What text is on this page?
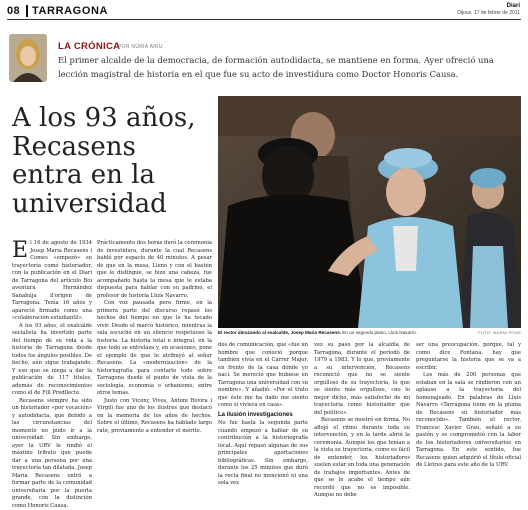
08 TARRAGONA	Diari
Dijous, 17 de febrer de 2011
LA CRÓNICA
POR NÚRIA ARIU
El primer alcalde de la democracia, de formación autodidacta, se mantiene en forma. Ayer ofreció una lección magistral de historia en el que fue su acto de investidura como Doctor Honoris Causa.
A los 93 años, Recasens entra en la universidad
El rector abrazando al exalcalde, Josep Maria Recasens. En un segundo plano, Lluís Navarro.	FOTO: MARIA PONS

El 16 de agosto de 1934 Josep Maria Recasens i Comes «empezó» su trayectoria como historiador, con la publicación en el Diari de Tarragona del artículo Boi aventura Hernández Sanahuja il'origen de Tarragona. Tenía 16 años y apareció firmado como una «colaboración estudiantil».

A los 93 años, el exalcalde socialista ha invertido parte del tiempo de su vida a la historia de Tarragona desde todos los ángulos posibles. De hecho, aún sigue trabajando. Y eso que se niega a dar la publicación de 117 títulos, además de reconocimientos como el de Fill Predilecte.

Recasens siempre ha sido un historiador «por vocación» y autodidacta, que debido a las circunstancias del momento no pudo ir a la universidad. Sin embargo, ayer la URV le rindió el máximo tributo que puede dar a una persona por una trayectoria tan dilatada. Josep Maria Recasens entró a formar parte de la comunidad universitaria por la puerta grande, con la distinción como Honoris Causa.

Prácticamente dos horas duró la ceremonia de investidura, durante la cual Recasens habló por espacio de 40 minutos. A pesar de que en la mesa, Lleno y con el bastón que le distingue, se hizo una cabeza, fue acompañado hasta la mesa que le estaba dispuesta para hablar con su padrino, el profesor de historia Lluís Navarro.

Con voz pausada pero firme, en la primera parte del discurso repasó los hechos del tiempo en que le ha tocado vivir. Desde el marco histórico, mientras la sala escuchó en un silencio respetuoso la historia. La historia total e integral, en la que todo se entrelaza y, en ocasiones, pone el ejemplo de que le atribuyó al señor Recasens. La «modernización» de la historiografía para contarlo todo sobre Tarragona desde el punto de vista de la sociología, economía o urbanismo, entre otros temas.

Justo con Vicenç Vives, Antoni Rovira i Virgili fue uno de los ilustres que destacó en la memoria de los años de hechos. Sobre el último, Recasens ha hablado largo rato, previamente a entender el mérito.

dos de comunicación, que «fue un hombre que conoció porque también vivía en el Carrer Major, en frente de la casa donde yo nací. Se mereció que hubiese en Tarragona una universidad con su nombre». Y añadió: «Por el trato que éste me ha dado me siento como si viviera en casa».

La ilusión investigaciones

No fue hasta la segunda parte cuando empezó a hablar de su contribución a la historiografía local. Aquí repasó algunas de sus principales aportaciones bibliográficas. Sin embargo, durante los 25 minutos que duró la recta final no mencionó ni una sola vez

vez su paso por la alcaldía de Tarragona, durante el período de 1979 a 1983. Y lo que, previamente a su intervención, Recasens reconoció que no se siente orgulloso de su trayectoria, lo que se siente más orgulloso, «no lo mejor dicho, más satisfecho de mi trayectoria como historiador que del político».

Recasens se mostró en forma. No aflojó el ritmo durante toda su intervención, y en la tarde abrió la ceremonia. Aunque los que tenían a la vista su trayectoria, como es fácil de entender, los historiadores suelen estar en toda una generación de trabajos importantes. Antes de que se le acabe el tiempo aún recordó que no es imposible. Aunque no debe

ser una preocupación, porque, tal y como dice Fontana, hay que preguntarse la historia que se va a escribir.

Los más de 200 personas que estaban en la sala se rindieron con un aplauso a la trayectoria del homenajeado. En palabras de Lluís Navarro «Tarragona tiene en la pluma de Recasens su historiador más reconocido». También el rector, Francesc Xavier Grau, señaló a su pasión y se comprometió con la labor de los historiadores universitarios en Tarragona. En este sentido, fue Recasens quien adquirió el título oficial de Lletres para este año de la URV.
